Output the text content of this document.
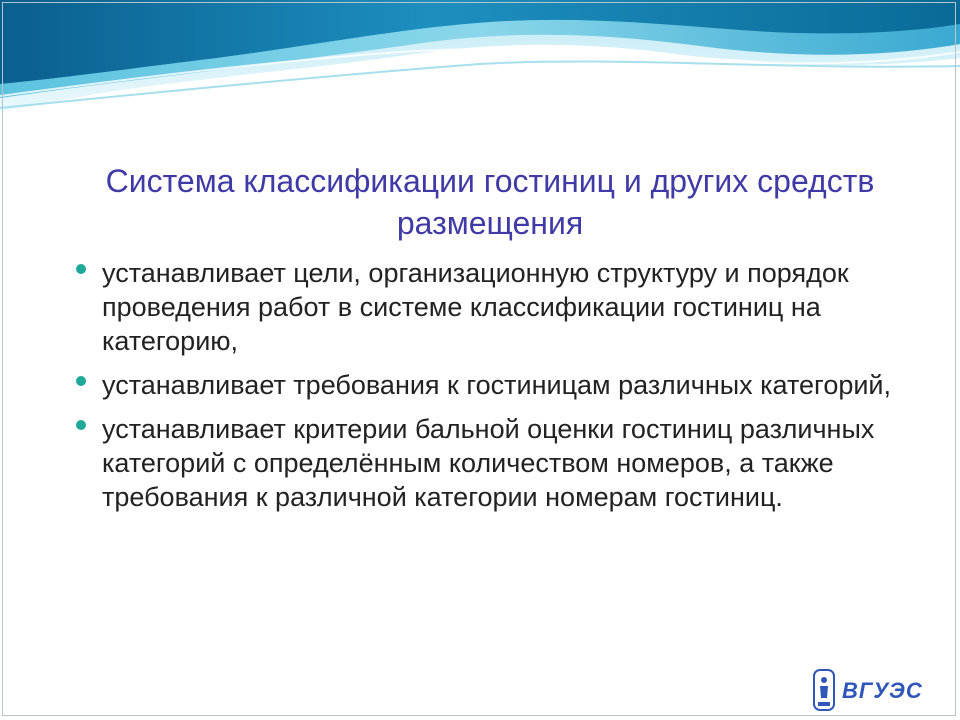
Система классификации гостиниц и других средств размещения
устанавливает цели, организационную структуру и порядок проведения работ в системе классификации гостиниц на категорию,
устанавливает требования к гостиницам различных категорий,
устанавливает критерии бальной оценки гостиниц различных категорий с определённым количеством номеров, а также требования к различной категории номерам гостиниц.
ВГУЭС
